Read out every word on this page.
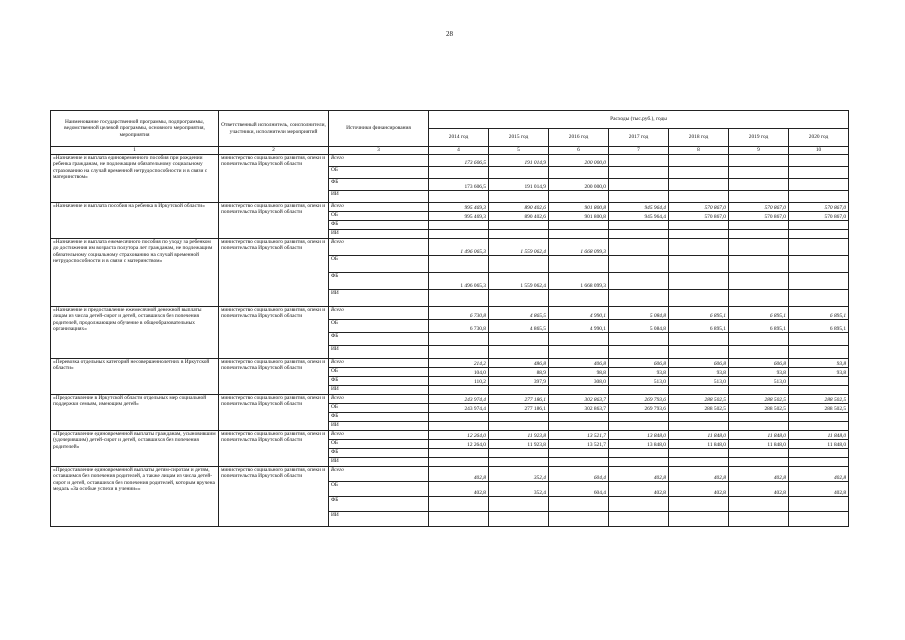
28
Наименование государственной программы, подпрограммы, ведомственной целевой программы, основного мероприятия, мероприятия	Ответственный исполнитель, соисполнители, участники, исполнители мероприятий	Источники финансирования	Расходы (тыс.руб.), годы						
			2014 год	2015 год	2016 год	2017 год	2018 год	2019 год	2020 год
1	2	3	4	5	6	7	8	9	10
«Назначение и выплата единовременного пособия при рождении ребенка гражданам, не подлежащим обязательному социальному страхованию на случай временной нетрудоспособности и в связи с материнством»	министерство социального развития, опеки и попечительства Иркутской области	Всего	173 606,5	191 014,9	200 000,0				
		ОБ							
		ФБ	173 606,5	191 014,9	200 000,0				
		ИИ							
«Назначение и выплата пособия на ребенка в Иркутской области»	министерство социального развития, опеки и попечительства Иркутской области	Всего	995 469,3	890 402,6	901 800,8	945 964,4	570 867,0	570 867,0	570 867,0
		ОБ	995 469,3	890 402,6	901 800,8	945 964,4	570 867,0	570 867,0	570 867,0
		ФБ							
		ИИ							
«Назначение и выплата ежемесячного пособия по уходу за ребенком до достижения им возраста полутора лет гражданам, не подлежащим обязательному социальному страхованию на случай временной нетрудоспособности и в связи с материнством»	министерство социального развития, опеки и попечительства Иркутской области	Всего	1 496 065,3	1 559 062,4	1 668 099,3				
		ОБ							
		ФБ	1 496 065,3	1 559 062,4	1 668 099,3				
		ИИ							
«Назначение и предоставление ежемесячной денежной выплаты лицам из числа детей-сирот и детей, оставшихся без попечения родителей, продолжающим обучение в общеобразовательных организациях»	министерство социального развития, опеки и попечительства Иркутской области	Всего	6 730,8	4 865,5	4 990,1	5 084,8	6 895,1	6 895,1	6 895,1
		ОБ	6 730,8	4 865,5	4 990,1	5 084,8	6 895,1	6 895,1	6 895,1
		ФБ							
		ИИ							
«Перевозка отдельных категорий несовершеннолетних в Иркутской области»	министерство социального развития, опеки и попечительства Иркутской области	Всего	214,2	486,8	406,8	606,8	606,8	606,8	93,8
		ОБ	104,0	88,9	98,8	93,8	93,8	93,8	93,8
		ФБ	110,2	397,9	308,0	513,0	513,0	513,0	
		ИИ							
«Предоставление в Иркутской области отдельных мер социальной поддержки семьям, имеющим детей»	министерство социального развития, опеки и попечительства Иркутской области	Всего	243 974,4	277 186,1	302 863,7	269 793,6	288 502,5	288 502,5	288 502,5
		ОБ	243 974,4	277 186,1	302 863,7	269 793,6	288 502,5	288 502,5	288 502,5
		ФБ							
		ИИ							
«Предоставление единовременной выплаты гражданам, усыновившим (удочерившим) детей-сирот и детей, оставшихся без попечения родителей»	министерство социального развития, опеки и попечительства Иркутской области	Всего	12 264,0	11 923,8	13 521,7	13 848,0	11 848,0	11 848,0	11 848,0
		ОБ	12 264,0	11 923,8	13 521,7	13 848,0	11 848,0	11 848,0	11 848,0
		ФБ							
		ИИ							
«Предоставление единовременной выплаты детям-сиротам и детям, оставшимся без попечения родителей, а также лицам из числа детей-сирот и детей, оставшихся без попечения родителей, которым вручена медаль «За особые успехи в учении»»	министерство социального развития, опеки и попечительства Иркутской области	Всего	402,8	352,4	604,4	402,8	402,8	402,8	402,8
		ОБ	402,8	352,4	604,4	402,8	402,8	402,8	402,8
		ФБ							
		ИИ							
